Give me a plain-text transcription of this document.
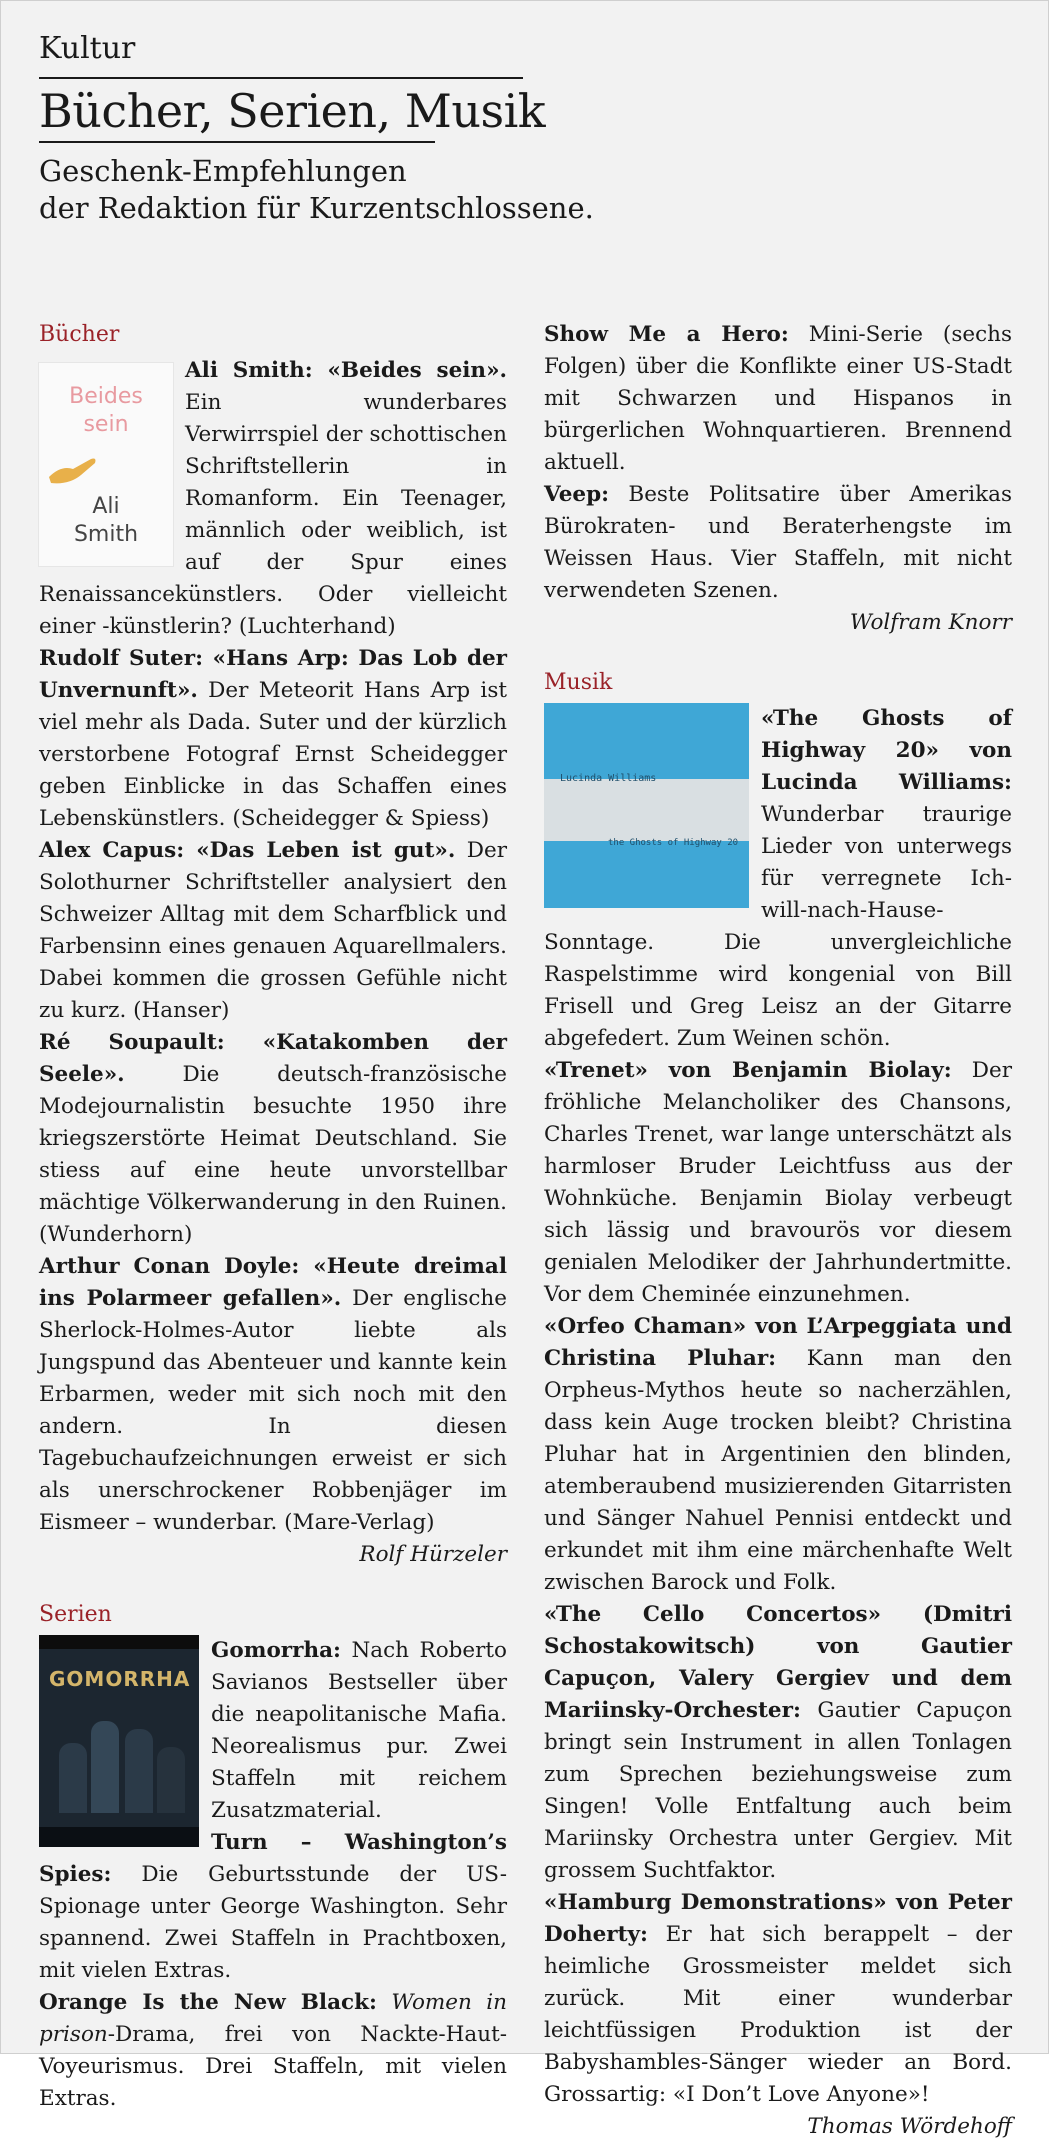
Kultur
Bücher, Serien, Musik
Geschenk-Empfehlungen
der Redaktion für Kurzentschlossene.
Bücher
Beides
sein
Ali
Smith

Ali Smith: «Beides sein». Ein wunderbares Verwirrspiel der schottischen Schriftstellerin in Romanform. Ein Teenager, männlich oder weiblich, ist auf der Spur eines Renaissancekünstlers. Oder vielleicht einer -künstlerin? (Luchterhand)

Rudolf Suter: «Hans Arp: Das Lob der Unvernunft». Der Meteorit Hans Arp ist viel mehr als Dada. Suter und der kürzlich verstorbene Fotograf Ernst Scheidegger geben Einblicke in das Schaffen eines Lebenskünstlers. (Scheidegger & Spiess)

Alex Capus: «Das Leben ist gut». Der Solothurner Schriftsteller analysiert den Schweizer Alltag mit dem Scharfblick und Farbensinn eines genauen Aquarellmalers. Dabei kommen die grossen Gefühle nicht zu kurz. (Hanser)

Ré Soupault: «Katakomben der Seele». Die deutsch-französische Modejournalistin besuchte 1950 ihre kriegszerstörte Heimat Deutschland. Sie stiess auf eine heute unvorstellbar mächtige Völkerwanderung in den Ruinen. (Wunderhorn)

Arthur Conan Doyle: «Heute dreimal ins Polarmeer gefallen». Der englische Sherlock-Holmes-Autor liebte als Jungspund das Abenteuer und kannte kein Erbarmen, weder mit sich noch mit den andern. In diesen Tagebuchaufzeichnungen erweist er sich als unerschrockener Robbenjäger im Eismeer – wunderbar. (Mare-Verlag)

Rolf Hürzeler
Serien
GOMORRHA

Gomorrha: Nach Roberto Savianos Bestseller über die neapolitanische Mafia. Neorealismus pur. Zwei Staffeln mit reichem Zusatzmaterial.

Turn – Washington’s Spies: Die Geburtsstunde der US-Spionage unter George Washington. Sehr spannend. Zwei Staffeln in Prachtboxen, mit vielen Extras.

Orange Is the New Black: Women in prison-Drama, frei von Nackte-Haut-Voyeurismus. Drei Staffeln, mit vielen Extras.

Show Me a Hero: Mini-Serie (sechs Folgen) über die Konflikte einer US-Stadt mit Schwarzen und Hispanos in bürgerlichen Wohnquartieren. Brennend aktuell.

Veep: Beste Politsatire über Amerikas Bürokraten- und Beraterhengste im Weissen Haus. Vier Staffeln, mit nicht verwendeten Szenen.

Wolfram Knorr
Musik
Lucinda Williams
the Ghosts of Highway 20

«The Ghosts of Highway 20» von Lucinda Williams: Wunderbar traurige Lieder von unterwegs für verregnete Ich-will-nach-Hause-Sonntage. Die unvergleichliche Raspelstimme wird kongenial von Bill Frisell und Greg Leisz an der Gitarre abgefedert. Zum Weinen schön.

«Trenet» von Benjamin Biolay: Der fröhliche Melancholiker des Chansons, Charles Trenet, war lange unterschätzt als harmloser Bruder Leichtfuss aus der Wohnküche. Benjamin Biolay verbeugt sich lässig und bravourös vor diesem genialen Melodiker der Jahrhundertmitte. Vor dem Cheminée einzunehmen.

«Orfeo Chaman» von L’Arpeggiata und Christina Pluhar: Kann man den Orpheus-Mythos heute so nacherzählen, dass kein Auge trocken bleibt? Christina Pluhar hat in Argentinien den blinden, atemberaubend musizierenden Gitarristen und Sänger Nahuel Pennisi entdeckt und erkundet mit ihm eine märchenhafte Welt zwischen Barock und Folk.

«The Cello Concertos» (Dmitri Schostakowitsch) von Gautier Capuçon, Valery Gergiev und dem Mariinsky-Orchester: Gautier Capuçon bringt sein Instrument in allen Tonlagen zum Sprechen beziehungsweise zum Singen! Volle Entfaltung auch beim Mariinsky Orchestra unter Gergiev. Mit grossem Suchtfaktor.

«Hamburg Demonstrations» von Peter Doherty: Er hat sich berappelt – der heimliche Grossmeister meldet sich zurück. Mit einer wunderbar leichtfüssigen Produktion ist der Babyshambles-Sänger wieder an Bord. Grossartig: «I Don’t Love Anyone»!

Thomas Wördehoff
